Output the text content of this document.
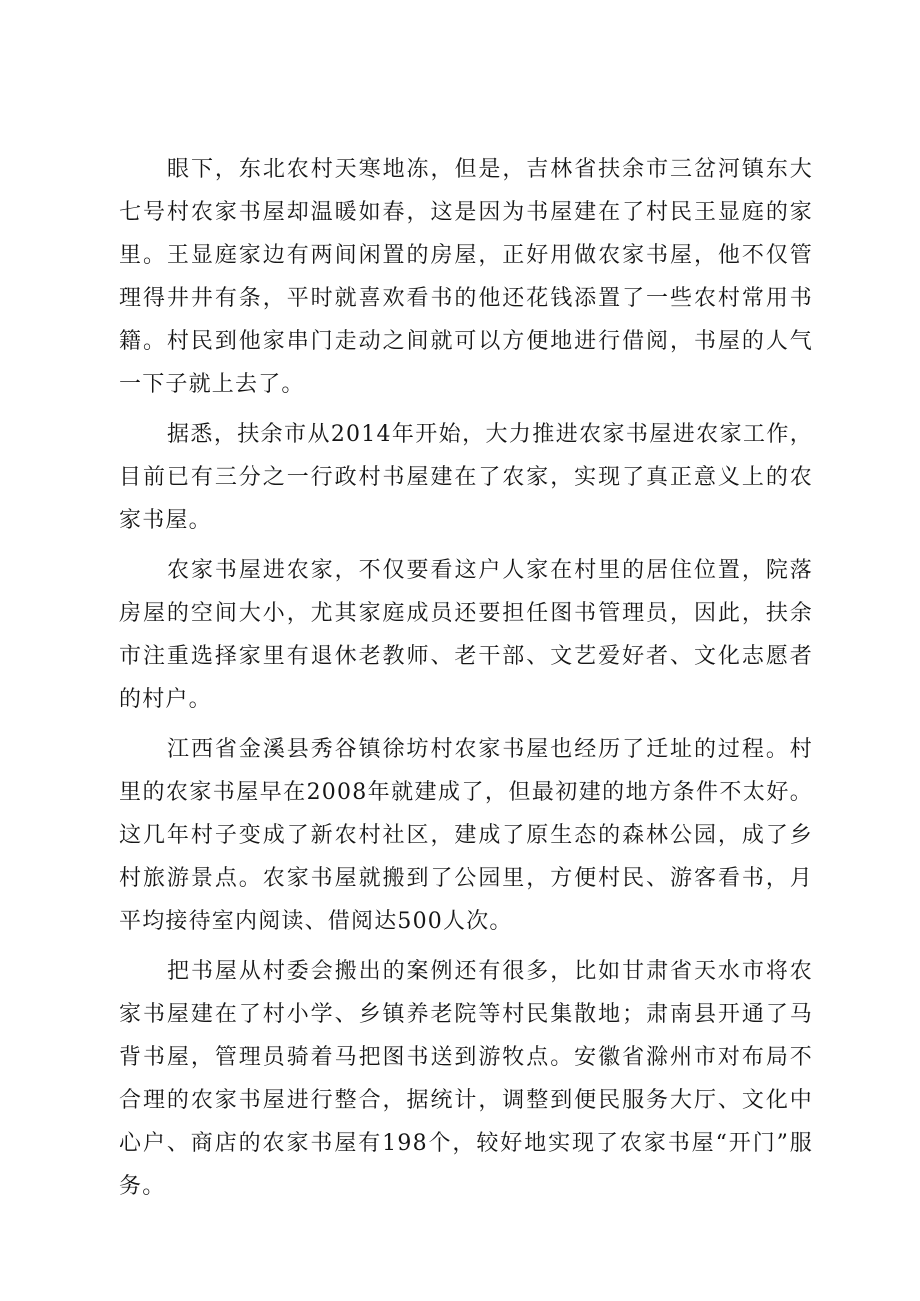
眼下，东北农村天寒地冻，但是，吉林省扶余市三岔河镇东大七号村农家书屋却温暖如春，这是因为书屋建在了村民王显庭的家里。王显庭家边有两间闲置的房屋，正好用做农家书屋，他不仅管理得井井有条，平时就喜欢看书的他还花钱添置了一些农村常用书籍。村民到他家串门走动之间就可以方便地进行借阅，书屋的人气一下子就上去了。

据悉，扶余市从2014年开始，大力推进农家书屋进农家工作，目前已有三分之一行政村书屋建在了农家，实现了真正意义上的农家书屋。

农家书屋进农家，不仅要看这户人家在村里的居住位置，院落房屋的空间大小，尤其家庭成员还要担任图书管理员，因此，扶余市注重选择家里有退休老教师、老干部、文艺爱好者、文化志愿者的村户。

江西省金溪县秀谷镇徐坊村农家书屋也经历了迁址的过程。村里的农家书屋早在2008年就建成了，但最初建的地方条件不太好。这几年村子变成了新农村社区，建成了原生态的森林公园，成了乡村旅游景点。农家书屋就搬到了公园里，方便村民、游客看书，月平均接待室内阅读、借阅达500人次。

把书屋从村委会搬出的案例还有很多，比如甘肃省天水市将农家书屋建在了村小学、乡镇养老院等村民集散地；肃南县开通了马背书屋，管理员骑着马把图书送到游牧点。安徽省滁州市对布局不合理的农家书屋进行整合，据统计，调整到便民服务大厅、文化中心户、商店的农家书屋有198个，较好地实现了农家书屋“开门”服务。
